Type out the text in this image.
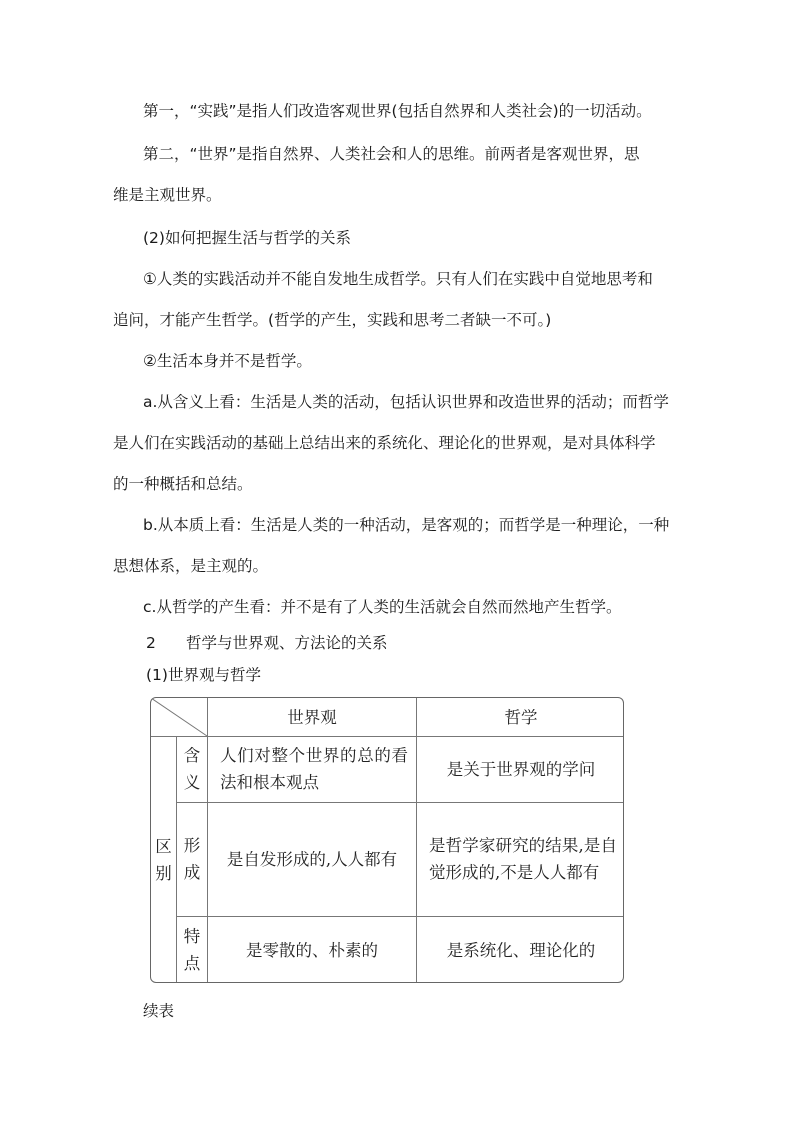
第一，“实践”是指人们改造客观世界(包括自然界和人类社会)的一切活动。
第二，“世界”是指自然界、人类社会和人的思维。前两者是客观世界，思
维是主观世界。
(2)如何把握生活与哲学的关系
①人类的实践活动并不能自发地生成哲学。只有人们在实践中自觉地思考和
追问，才能产生哲学。(哲学的产生，实践和思考二者缺一不可。)
②生活本身并不是哲学。
a.从含义上看：生活是人类的活动，包括认识世界和改造世界的活动；而哲学
是人们在实践活动的基础上总结出来的系统化、理论化的世界观，是对具体科学
的一种概括和总结。
b.从本质上看：生活是人类的一种活动，是客观的；而哲学是一种理论，一种
思想体系，是主观的。
c.从哲学的产生看：并不是有了人类的生活就会自然而然地产生哲学。
2 哲学与世界观、方法论的关系
(1)世界观与哲学
世界观	哲学
区
别
含
义
人们对整个世界的总的看法和根本观点
是关于世界观的学问
形
成
是自发形成的,人人都有
是哲学家研究的结果,是自觉形成的,不是人人都有
特
点
是零散的、朴素的	是系统化、理论化的
续表
